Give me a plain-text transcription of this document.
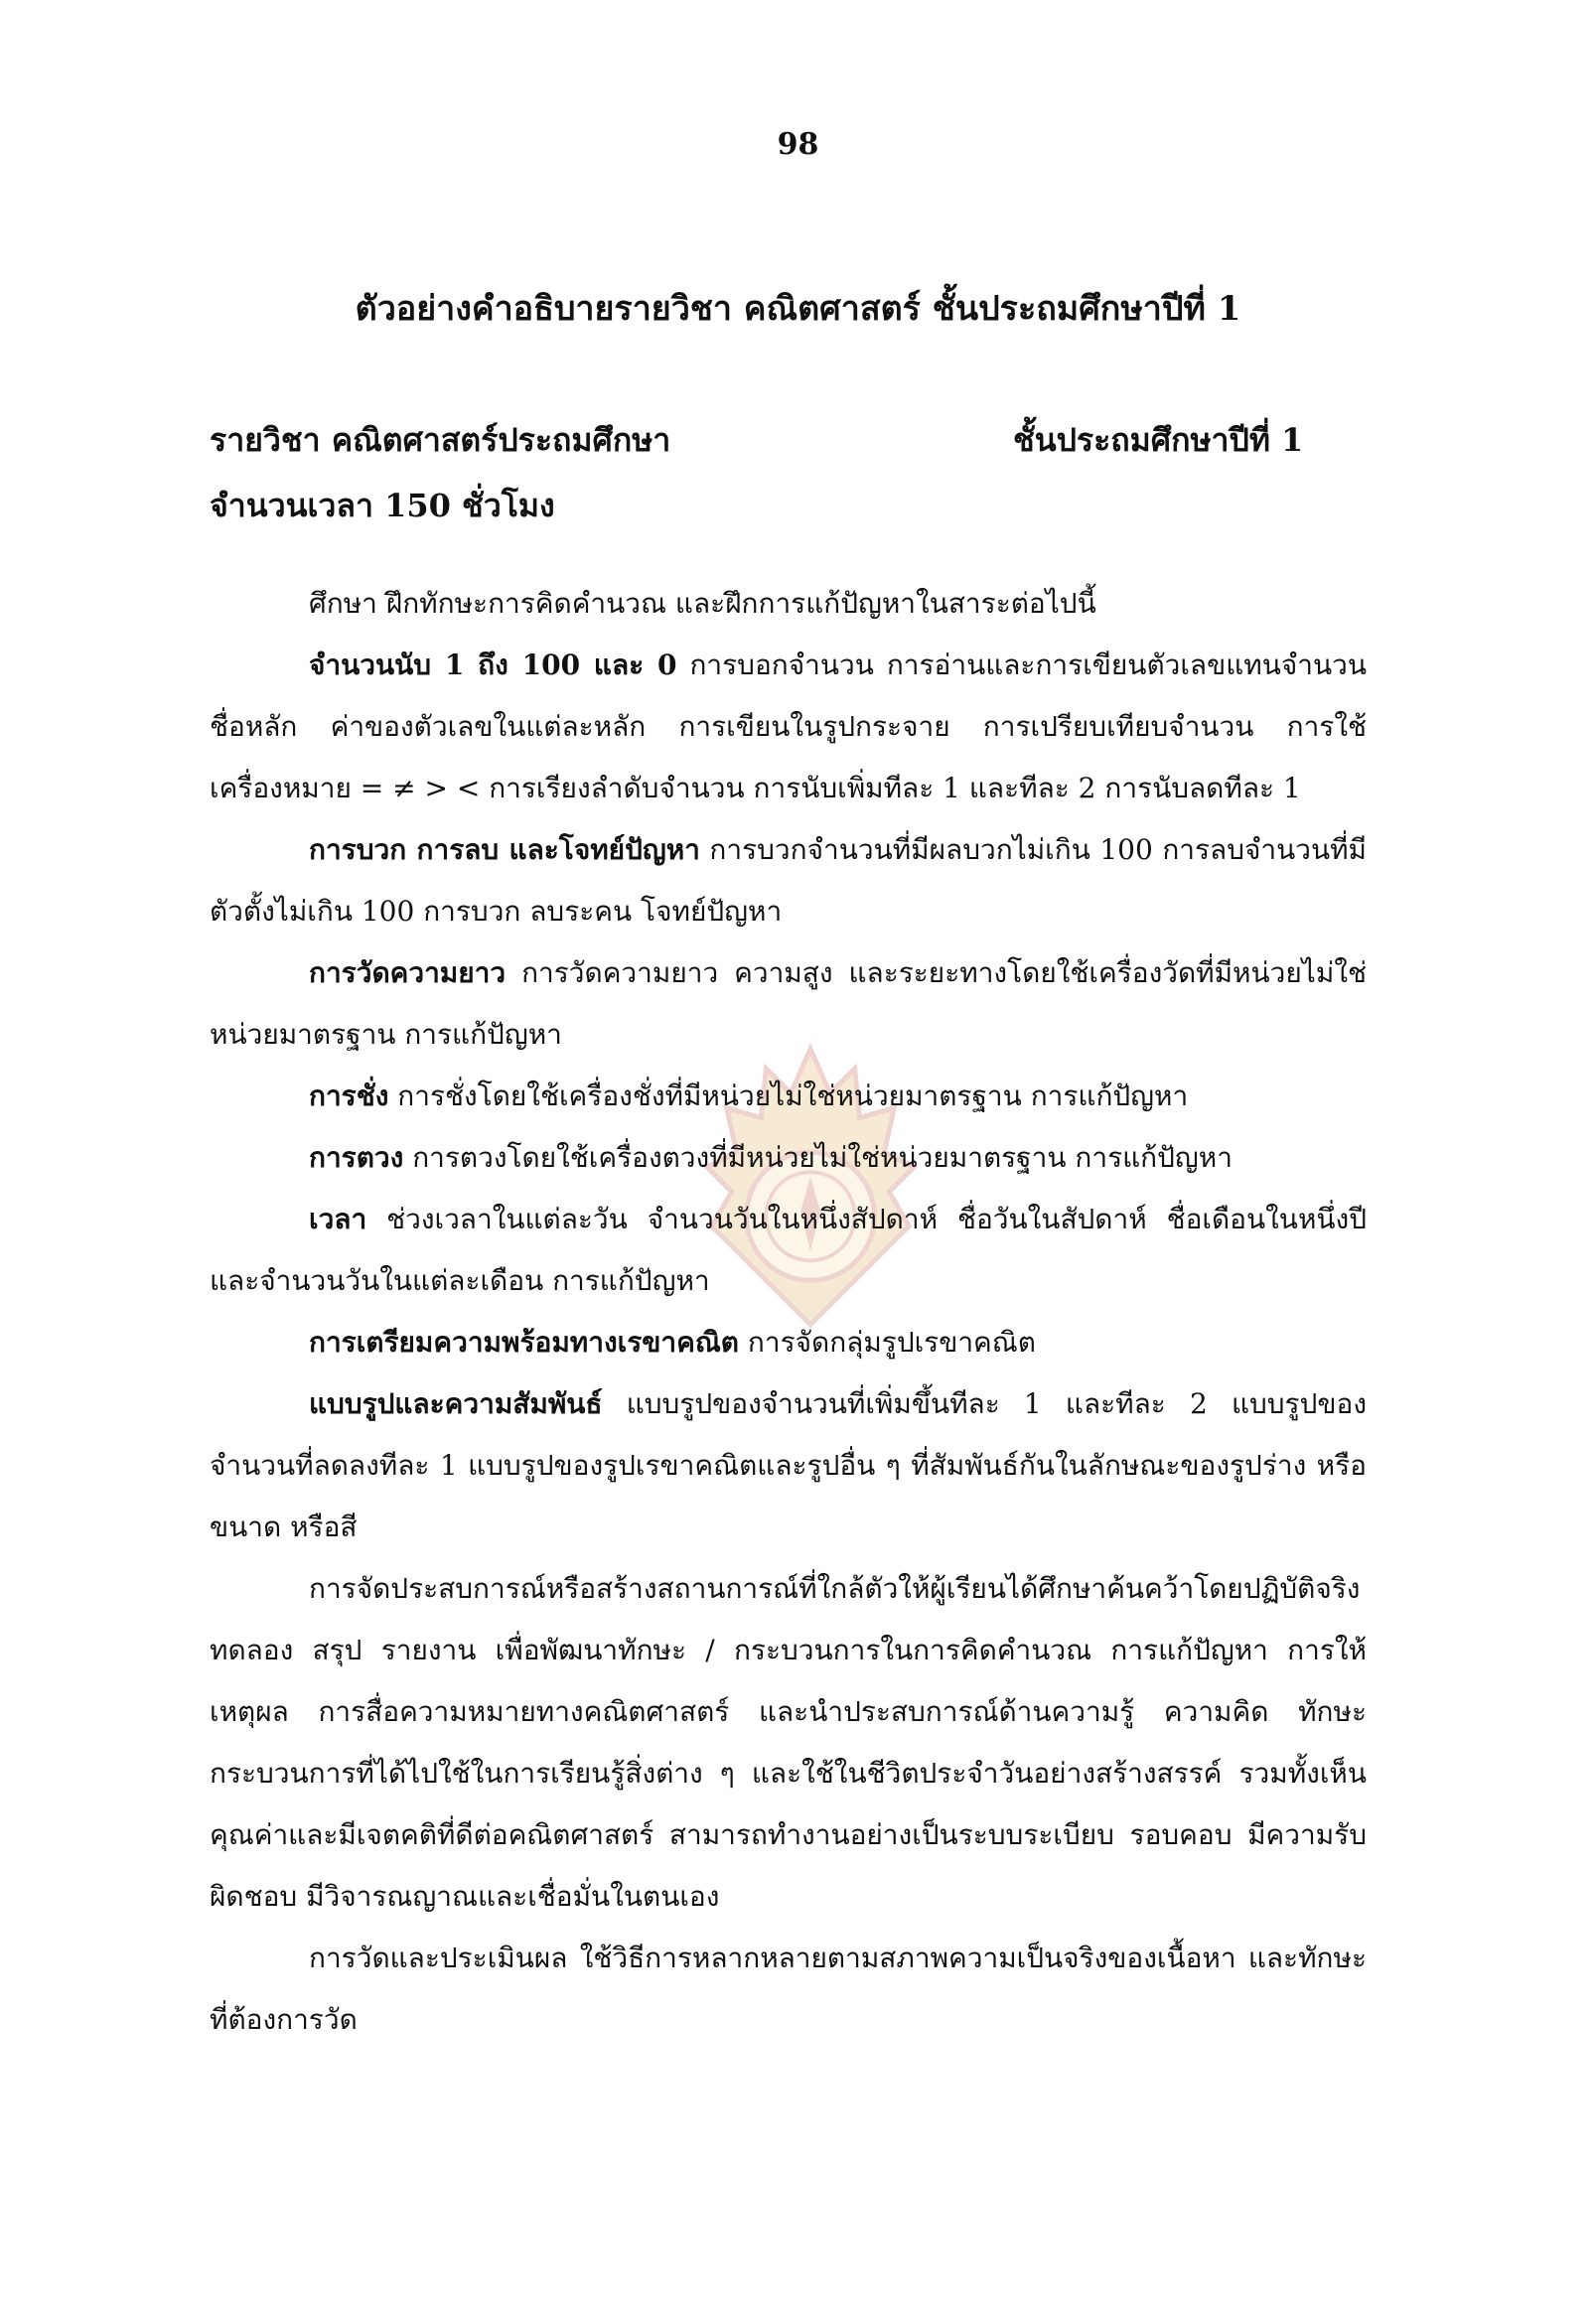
98
ตัวอย่างคำอธิบายรายวิชา คณิตศาสตร์ ชั้นประถมศึกษาปีที่ 1
รายวิชา คณิตศาสตร์ประถมศึกษา	ชั้นประถมศึกษาปีที่ 1
จำนวนเวลา 150 ชั่วโมง

ศึกษา ฝึกทักษะการคิดคำนวณ และฝึกการแก้ปัญหาในสาระต่อไปนี้

จำนวนนับ 1 ถึง 100 และ 0 การบอกจำนวน การอ่านและการเขียนตัวเลขแทนจำนวน ชื่อหลัก ค่าของตัวเลขในแต่ละหลัก การเขียนในรูปกระจาย การเปรียบเทียบจำนวน การใช้เครื่องหมาย = ≠ > < การเรียงลำดับจำนวน การนับเพิ่มทีละ 1 และทีละ 2 การนับลดทีละ 1

การบวก การลบ และโจทย์ปัญหา การบวกจำนวนที่มีผลบวกไม่เกิน 100 การลบจำนวนที่มีตัวตั้งไม่เกิน 100 การบวก ลบระคน โจทย์ปัญหา

การวัดความยาว การวัดความยาว ความสูง และระยะทางโดยใช้เครื่องวัดที่มีหน่วยไม่ใช่หน่วยมาตรฐาน การแก้ปัญหา

การชั่ง การชั่งโดยใช้เครื่องชั่งที่มีหน่วยไม่ใช่หน่วยมาตรฐาน การแก้ปัญหา

การตวง การตวงโดยใช้เครื่องตวงที่มีหน่วยไม่ใช่หน่วยมาตรฐาน การแก้ปัญหา

เวลา ช่วงเวลาในแต่ละวัน จำนวนวันในหนึ่งสัปดาห์ ชื่อวันในสัปดาห์ ชื่อเดือนในหนึ่งปีและจำนวนวันในแต่ละเดือน การแก้ปัญหา

การเตรียมความพร้อมทางเรขาคณิต การจัดกลุ่มรูปเรขาคณิต

แบบรูปและความสัมพันธ์ แบบรูปของจำนวนที่เพิ่มขึ้นทีละ 1 และทีละ 2 แบบรูปของจำนวนที่ลดลงทีละ 1 แบบรูปของรูปเรขาคณิตและรูปอื่น ๆ ที่สัมพันธ์กันในลักษณะของรูปร่าง หรือขนาด หรือสี

การจัดประสบการณ์หรือสร้างสถานการณ์ที่ใกล้ตัวให้ผู้เรียนได้ศึกษาค้นคว้าโดยปฏิบัติจริง ทดลอง สรุป รายงาน เพื่อพัฒนาทักษะ / กระบวนการในการคิดคำนวณ การแก้ปัญหา การให้เหตุผล การสื่อความหมายทางคณิตศาสตร์ และนำประสบการณ์ด้านความรู้ ความคิด ทักษะกระบวนการที่ได้ไปใช้ในการเรียนรู้สิ่งต่าง ๆ และใช้ในชีวิตประจำวันอย่างสร้างสรรค์ รวมทั้งเห็นคุณค่าและมีเจตคติที่ดีต่อคณิตศาสตร์ สามารถทำงานอย่างเป็นระบบระเบียบ รอบคอบ มีความรับผิดชอบ มีวิจารณญาณและเชื่อมั่นในตนเอง

การวัดและประเมินผล ใช้วิธีการหลากหลายตามสภาพความเป็นจริงของเนื้อหา และทักษะที่ต้องการวัด
